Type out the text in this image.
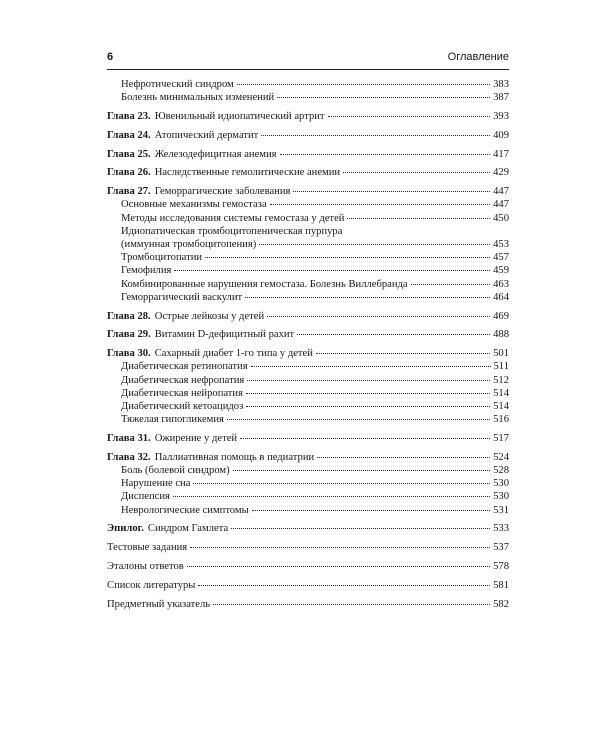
6	Оглавление
Нефротический синдром	383
Болезнь минимальных изменений	387
Глава 23. Ювенильный идиопатический артрит	393
Глава 24. Атопический дерматит	409
Глава 25. Железодефицитная анемия	417
Глава 26. Наследственные гемолитические анемии	429
Глава 27. Геморрагические заболевания	447
Основные механизмы гемостаза	447
Методы исследования системы гемостаза у детей	450
Идиопатическая тромбоцитопеническая пурпура
(иммунная тромбоцитопения)	453
Тромбоцитопатии	457
Гемофилия	459
Комбинированные нарушения гемостаза. Болезнь Виллебранда	463
Геморрагический васкулит	464
Глава 28. Острые лейкозы у детей	469
Глава 29. Витамин D-дефицитный рахит	488
Глава 30. Сахарный диабет 1-го типа у детей	501
Диабетическая ретинопатия	511
Диабетическая нефропатия	512
Диабетическая нейропатия	514
Диабетический кетоацидоз	514
Тяжелая гипогликемия	516
Глава 31. Ожирение у детей	517
Глава 32. Паллиативная помощь в педиатрии	524
Боль (болевой синдром)	528
Нарушение сна	530
Диспепсия	530
Неврологические симптомы	531
Эпилог. Синдром Гамлета	533
Тестовые задания	537
Эталоны ответов	578
Список литературы	581
Предметный указатель	582
